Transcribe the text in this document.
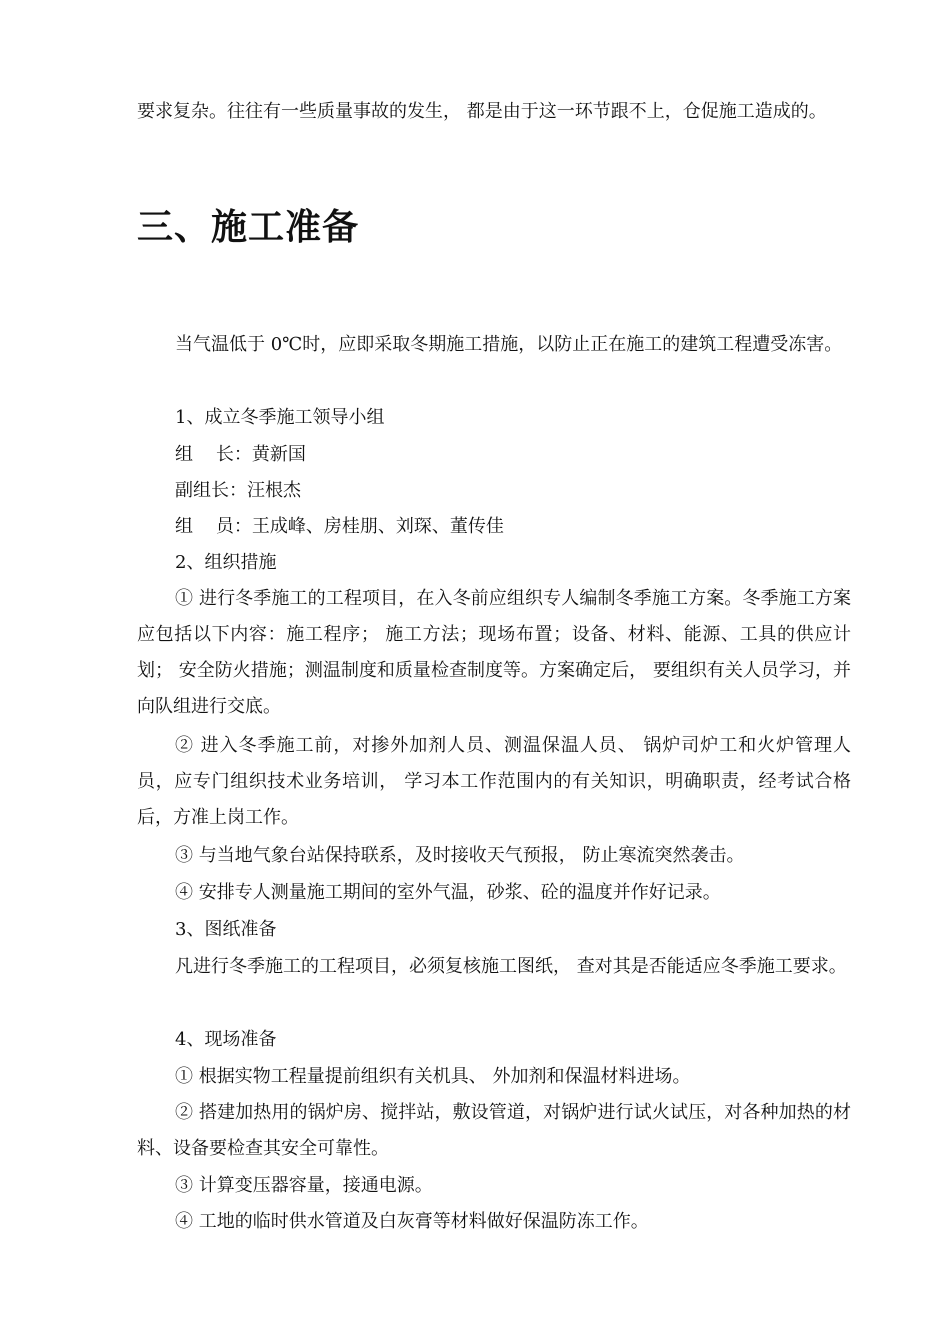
要求复杂。往往有一些质量事故的发生， 都是由于这一环节跟不上，仓促施工造成的。

三、施工准备

当气温低于 0℃时，应即采取冬期施工措施，以防止正在施工的建筑工程遭受冻害。

1、成立冬季施工领导小组

组    长：黄新国

副组长：汪根杰

组    员：王成峰、房桂朋、刘琛、董传佳

2、组织措施

① 进行冬季施工的工程项目，在入冬前应组织专人编制冬季施工方案。冬季施工方案应包括以下内容：施工程序； 施工方法；现场布置；设备、材料、能源、工具的供应计划； 安全防火措施；测温制度和质量检查制度等。方案确定后， 要组织有关人员学习，并向队组进行交底。

② 进入冬季施工前，对掺外加剂人员、测温保温人员、 锅炉司炉工和火炉管理人员，应专门组织技术业务培训， 学习本工作范围内的有关知识，明确职责，经考试合格后，方准上岗工作。

③ 与当地气象台站保持联系，及时接收天气预报， 防止寒流突然袭击。

④ 安排专人测量施工期间的室外气温，砂浆、砼的温度并作好记录。

3、图纸准备

凡进行冬季施工的工程项目，必须复核施工图纸， 查对其是否能适应冬季施工要求。

4、现场准备

① 根据实物工程量提前组织有关机具、 外加剂和保温材料进场。

② 搭建加热用的锅炉房、搅拌站，敷设管道，对锅炉进行试火试压，对各种加热的材料、设备要检查其安全可靠性。

③ 计算变压器容量，接通电源。

④ 工地的临时供水管道及白灰膏等材料做好保温防冻工作。
